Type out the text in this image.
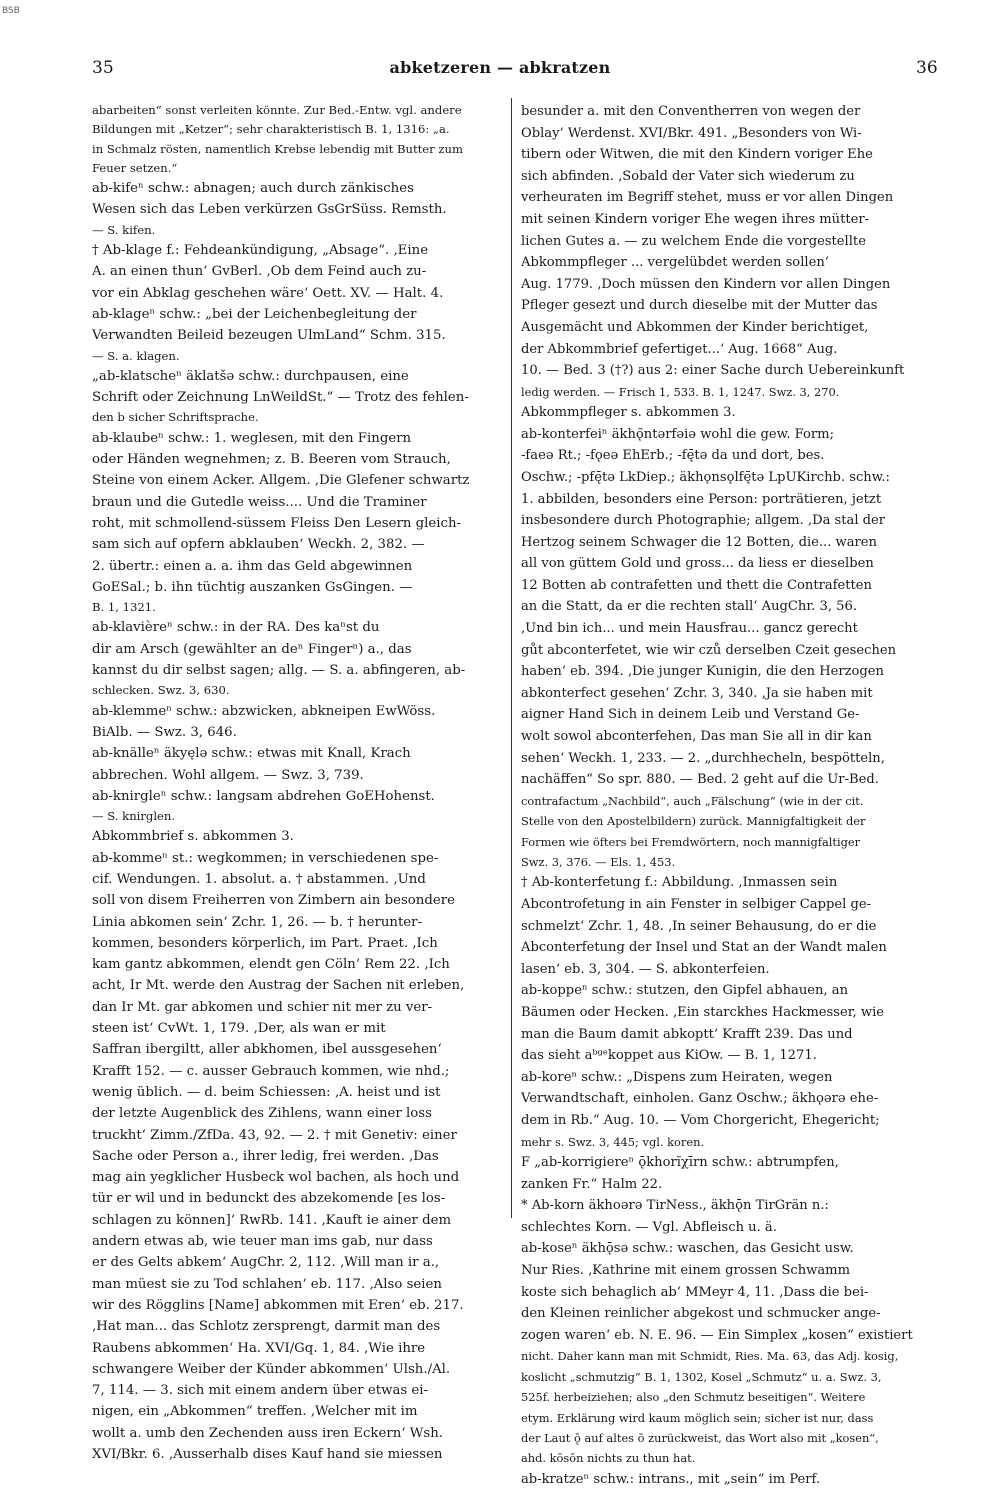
BSB
35	abketzeren — abkratzen	36
abarbeiten“ sonst verleiten könnte. Zur Bed.-Entw. vgl. andere
Bildungen mit „Ketzer“; sehr charakteristisch B. 1, 1316: „a.
in Schmalz rösten, namentlich Krebse lebendig mit Butter zum
Feuer setzen.“
ab-kifeⁿ schw.: abnagen; auch durch zänkisches
Wesen sich das Leben verkürzen GsGrSüss. Remsth.
— S. kifen.
† Ab-klage f.: Fehdeankündigung, „Absage“. ‚Eine
A. an einen thun‘ GvBerl. ‚Ob dem Feind auch zu-
vor ein Abklag geschehen wäre‘ Oett. XV. — Halt. 4.
ab-klageⁿ schw.: „bei der Leichenbegleitung der
Verwandten Beileid bezeugen UlmLand“ Schm. 315.
— S. a. klagen.
„ab-klatscheⁿ äklatšə schw.: durchpausen, eine
Schrift oder Zeichnung LnWeildSt.“ — Trotz des fehlen-
den b sicher Schriftsprache.
ab-klaubeⁿ schw.: 1. weglesen, mit den Fingern
oder Händen wegnehmen; z. B. Beeren vom Strauch,
Steine von einem Acker. Allgem. ‚Die Glefener schwartz
braun und die Gutedle weiss.... Und die Traminer
roht, mit schmollend-süssem Fleiss Den Lesern gleich-
sam sich auf opfern abklauben‘ Weckh. 2, 382. —
2. übertr.: einen a. a. ihm das Geld abgewinnen
GoESal.; b. ihn tüchtig auszanken GsGingen. —
B. 1, 1321.
ab-klavièreⁿ schw.: in der RA. Des kaⁿst du
dir am Arsch (gewählter an deⁿ Fingerⁿ) a., das
kannst du dir selbst sagen; allg. — S. a. abfingeren, ab-
schlecken. Swz. 3, 630.
ab-klemmeⁿ schw.: abzwicken, abkneipen EwWöss.
BiAlb. — Swz. 3, 646.
ab-knälleⁿ äkyęlə schw.: etwas mit Knall, Krach
abbrechen. Wohl allgem. — Swz. 3, 739.
ab-knirgleⁿ schw.: langsam abdrehen GoEHohenst.
— S. knirglen.
Abkommbrief s. abkommen 3.
ab-kommeⁿ st.: wegkommen; in verschiedenen spe-
cif. Wendungen. 1. absolut. a. † abstammen. ‚Und
soll von disem Freiherren von Zimbern ain besondere
Linia abkomen sein‘ Zchr. 1, 26. — b. † herunter-
kommen, besonders körperlich, im Part. Praet. ‚Ich
kam gantz abkommen, elendt gen Cöln‘ Rem 22. ‚Ich
acht, Ir Mt. werde den Austrag der Sachen nit erleben,
dan Ir Mt. gar abkomen und schier nit mer zu ver-
steen ist‘ CvWt. 1, 179. ‚Der, als wan er mit
Saffran ibergiltt, aller abkhomen, ibel aussgesehen‘
Krafft 152. — c. ausser Gebrauch kommen, wie nhd.;
wenig üblich. — d. beim Schiessen: ‚A. heist und ist
der letzte Augenblick des Zihlens, wann einer loss
truckht‘ Zimm./ZfDa. 43, 92. — 2. † mit Genetiv: einer
Sache oder Person a., ihrer ledig, frei werden. ‚Das
mag ain yegklicher Husbeck wol bachen, als hoch und
tür er wil und in bedunckt des abzekomende [es los-
schlagen zu können]‘ RwRb. 141. ‚Kauft ie ainer dem
andern etwas ab, wie teuer man ims gab, nur dass
er des Gelts abkem‘ AugChr. 2, 112. ‚Will man ir a.,
man müest sie zu Tod schlahen‘ eb. 117. ‚Also seien
wir des Rögglins [Name] abkommen mit Eren‘ eb. 217.
‚Hat man... das Schlotz zersprengt, darmit man des
Raubens abkommen‘ Ha. XVI/Gq. 1, 84. ‚Wie ihre
schwangere Weiber der Künder abkommen‘ Ulsh./Al.
7, 114. — 3. sich mit einem andern über etwas ei-
nigen, ein „Abkommen“ treffen. ‚Welcher mit im
wollt a. umb den Zechenden auss iren Eckern‘ Wsh.
XVI/Bkr. 6. ‚Ausserhalb dises Kauf hand sie miessen
besunder a. mit den Conventherren von wegen der
Oblay‘ Werdenst. XVI/Bkr. 491. „Besonders von Wi-
tibern oder Witwen, die mit den Kindern voriger Ehe
sich abfinden. ‚Sobald der Vater sich wiederum zu
verheuraten im Begriff stehet, muss er vor allen Dingen
mit seinen Kindern voriger Ehe wegen ihres mütter-
lichen Gutes a. — zu welchem Ende die vorgestellte
Abkommpfleger ... vergelübdet werden sollen‘
Aug. 1779. ‚Doch müssen den Kindern vor allen Dingen
Pfleger gesezt und durch dieselbe mit der Mutter das
Ausgemächt und Abkommen der Kinder berichtiget,
der Abkommbrief gefertiget...‘ Aug. 1668“ Aug.
10. — Bed. 3 (†?) aus 2: einer Sache durch Uebereinkunft
ledig werden. — Frisch 1, 533. B. 1, 1247. Swz. 3, 270.
Abkommpfleger s. abkommen 3.
ab-konterfeiⁿ äkhǫ̃ntərfəiə wohl die gew. Form;
-faeə Rt.; -fǫeə EhErb.; -fę̄tə da und dort, bes.
Oschw.; -pfę̄tə LkDiep.; äkhǫnsǫlfę̄tə LpUKirchb. schw.:
1. abbilden, besonders eine Person: porträtieren, jetzt
insbesondere durch Photographie; allgem. ‚Da stal der
Hertzog seinem Schwager die 12 Botten, die... waren
all von güttem Gold und gross... da liess er dieselben
12 Botten ab contrafetten und thett die Contrafetten
an die Statt, da er die rechten stall‘ AugChr. 3, 56.
‚Und bin ich... und mein Hausfrau... gancz gerecht
gůt abconterfetet, wie wir czů derselben Czeit gesechen
haben‘ eb. 394. ‚Die junger Kunigin, die den Herzogen
abkonterfect gesehen‘ Zchr. 3, 340. ‚Ja sie haben mit
aigner Hand Sich in deinem Leib und Verstand Ge-
wolt sowol abconterfehen, Das man Sie all in dir kan
sehen‘ Weckh. 1, 233. — 2. „durchhecheln, bespötteln,
nachäffen“ So spr. 880. — Bed. 2 geht auf die Ur-Bed.
contrafactum „Nachbild“, auch „Fälschung“ (wie in der cit.
Stelle von den Apostelbildern) zurück. Mannigfaltigkeit der
Formen wie öfters bei Fremdwörtern, noch mannigfaltiger
Swz. 3, 376. — Els. 1, 453.
† Ab-konterfetung f.: Abbildung. ‚Inmassen sein
Abcontrofetung in ain Fenster in selbiger Cappel ge-
schmelzt‘ Zchr. 1, 48. ‚In seiner Behausung, do er die
Abconterfetung der Insel und Stat an der Wandt malen
lasen‘ eb. 3, 304. — S. abkonterfeien.
ab-koppeⁿ schw.: stutzen, den Gipfel abhauen, an
Bäumen oder Hecken. ‚Ein starckhes Hackmesser, wie
man die Baum damit abkoptt‘ Krafft 239. Das und
das sieht aᵇᵍᵉkoppet aus KiOw. — B. 1, 1271.
ab-koreⁿ schw.: „Dispens zum Heiraten, wegen
Verwandtschaft, einholen. Ganz Oschw.; äkhǫərə ehe-
dem in Rb.“ Aug. 10. — Vom Chorgericht, Ehegericht;
mehr s. Swz. 3, 445; vgl. koren.
F „ab-korrigiereⁿ ǭkhorĭχīrn schw.: abtrumpfen,
zanken Fr.“ Halm 22.
* Ab-korn äkhoərə TirNess., äkhǭn TirGrän n.:
schlechtes Korn. — Vgl. Abfleisch u. ä.
ab-koseⁿ äkhǭsə schw.: waschen, das Gesicht usw.
Nur Ries. ‚Kathrine mit einem grossen Schwamm
koste sich behaglich ab‘ MMeyr 4, 11. ‚Dass die bei-
den Kleinen reinlicher abgekost und schmucker ange-
zogen waren‘ eb. N. E. 96. — Ein Simplex „kosen“ existiert
nicht. Daher kann man mit Schmidt, Ries. Ma. 63, das Adj. kosig,
koslicht „schmutzig“ B. 1, 1302, Kosel „Schmutz“ u. a. Swz. 3,
525f. herbeiziehen; also „den Schmutz beseitigen“. Weitere
etym. Erklärung wird kaum möglich sein; sicher ist nur, dass
der Laut ǭ auf altes ō zurückweist, das Wort also mit „kosen“,
ahd. kōsōn nichts zu thun hat.
ab-kratzeⁿ schw.: intrans., mit „sein“ im Perf.
